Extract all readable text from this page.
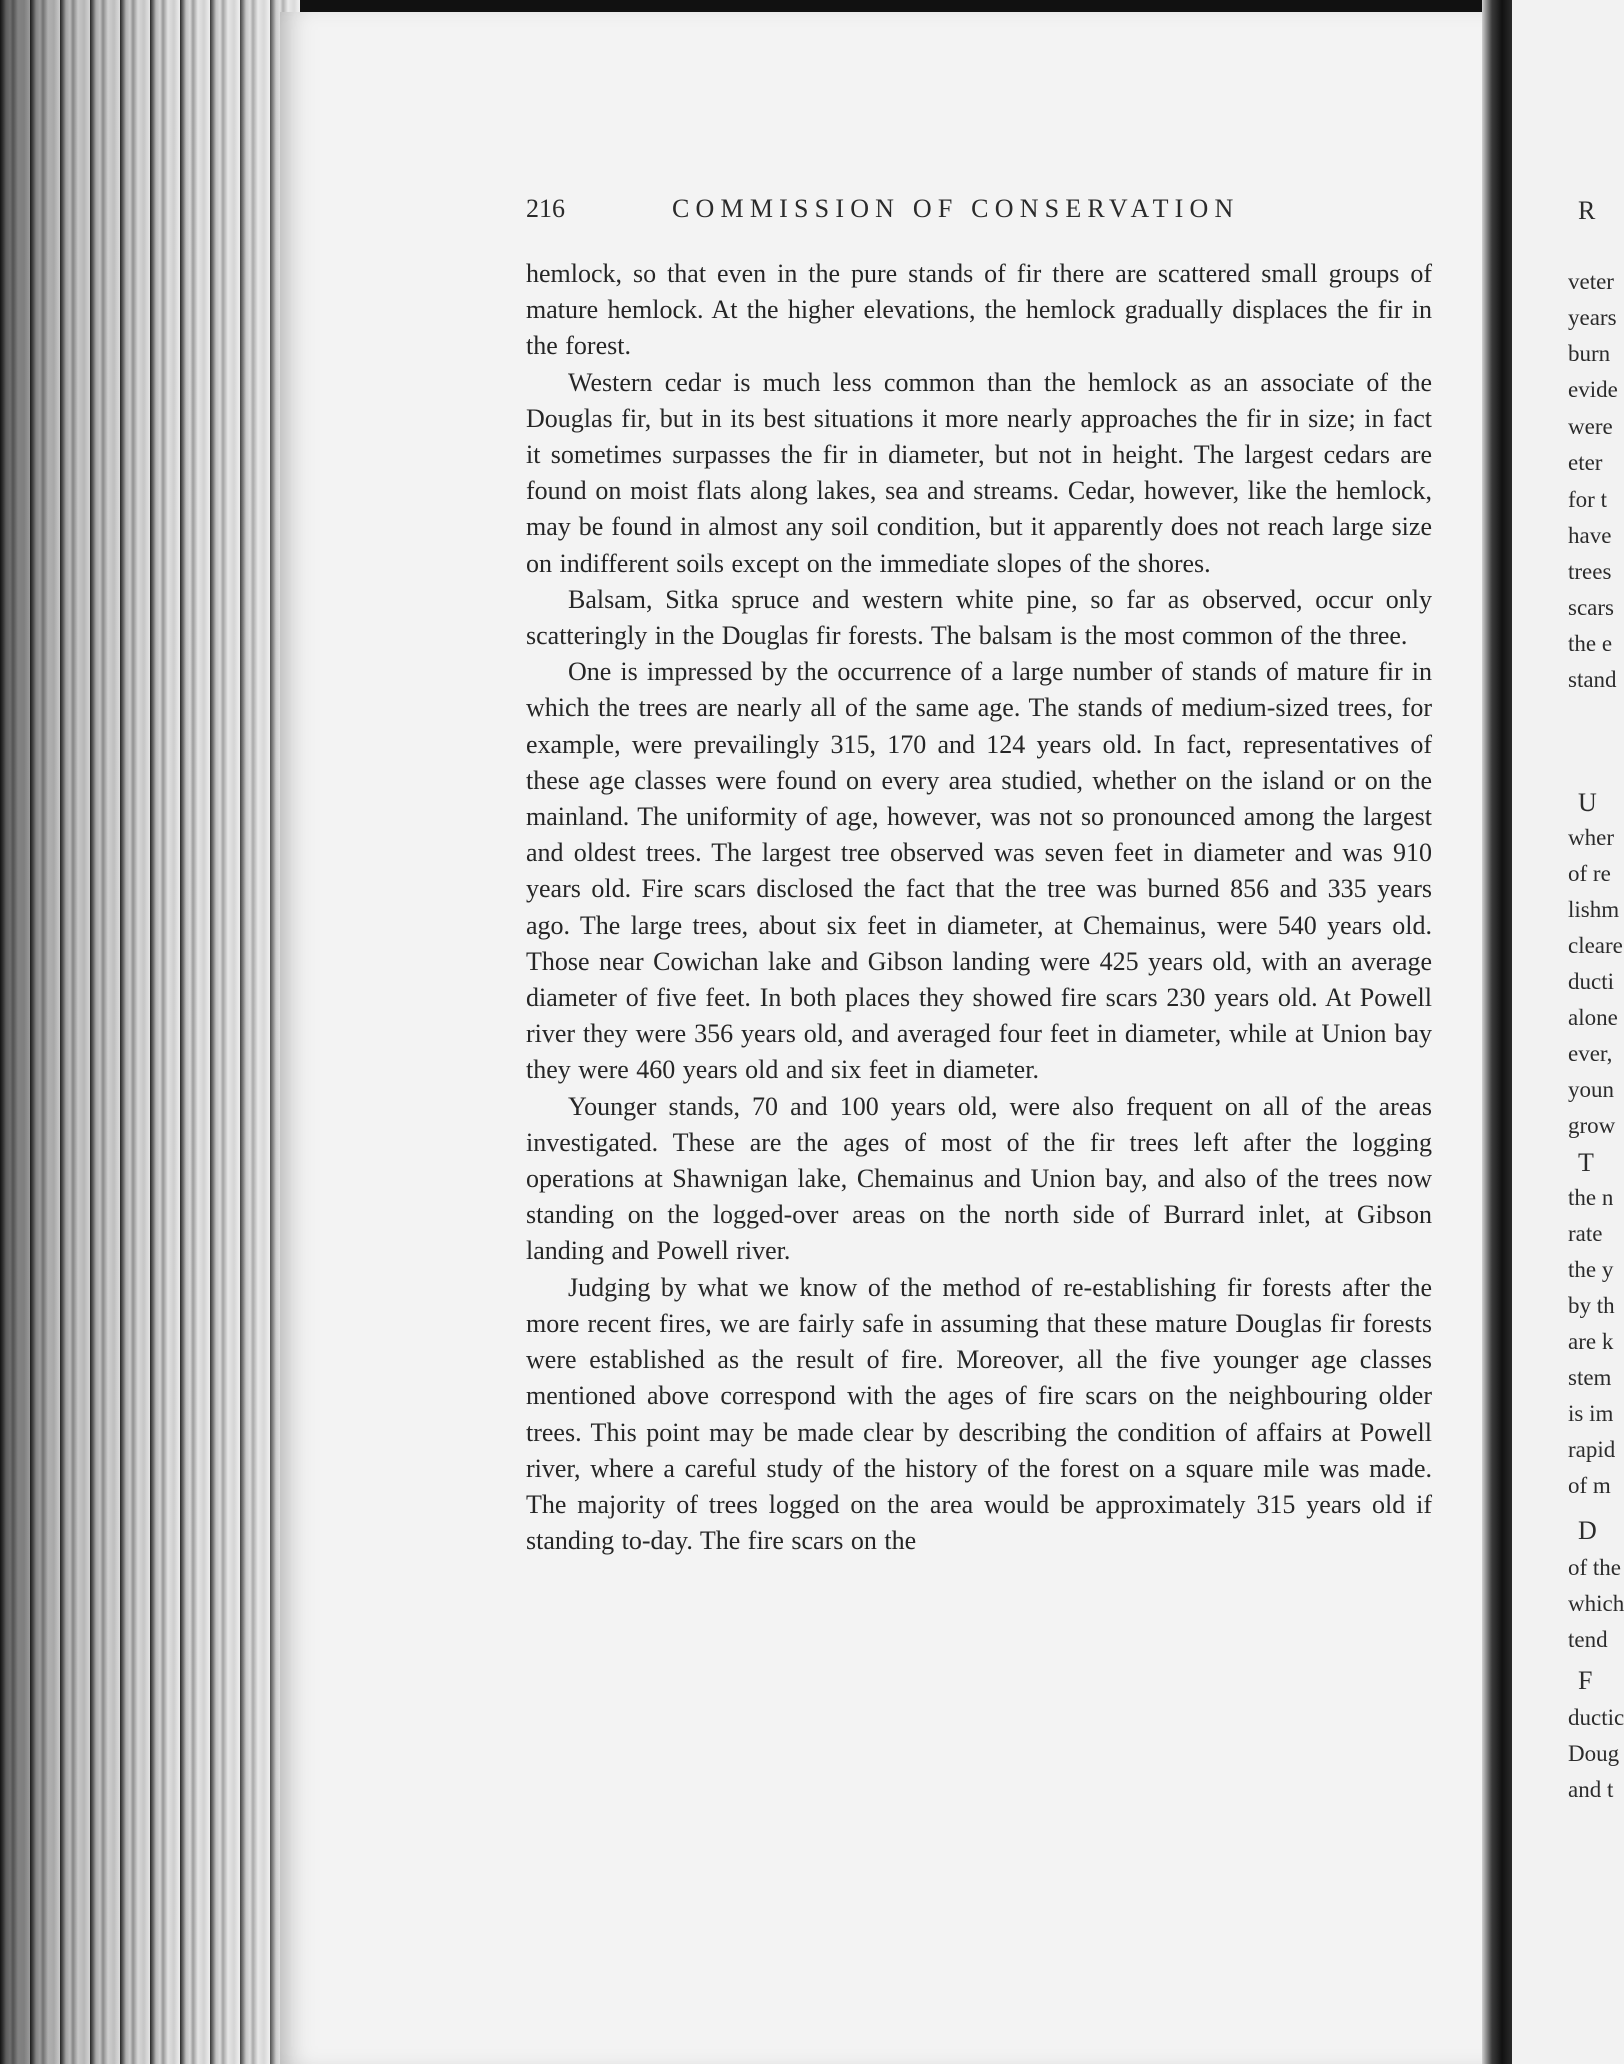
216	COMMISSION OF CONSERVATION

hemlock, so that even in the pure stands of fir there are scattered small groups of mature hemlock. At the higher elevations, the hemlock gradually displaces the fir in the forest.

Western cedar is much less common than the hemlock as an associate of the Douglas fir, but in its best situations it more nearly approaches the fir in size; in fact it sometimes surpasses the fir in diameter, but not in height. The largest cedars are found on moist flats along lakes, sea and streams. Cedar, however, like the hemlock, may be found in almost any soil condition, but it apparently does not reach large size on indifferent soils except on the immediate slopes of the shores.

Balsam, Sitka spruce and western white pine, so far as observed, occur only scatteringly in the Douglas fir forests. The balsam is the most common of the three.

One is impressed by the occurrence of a large number of stands of mature fir in which the trees are nearly all of the same age. The stands of medium-sized trees, for example, were prevailingly 315, 170 and 124 years old. In fact, representatives of these age classes were found on every area studied, whether on the island or on the mainland. The uniformity of age, however, was not so pronounced among the largest and oldest trees. The largest tree observed was seven feet in diameter and was 910 years old. Fire scars disclosed the fact that the tree was burned 856 and 335 years ago. The large trees, about six feet in diameter, at Chemainus, were 540 years old. Those near Cowichan lake and Gibson landing were 425 years old, with an average diameter of five feet. In both places they showed fire scars 230 years old. At Powell river they were 356 years old, and averaged four feet in diameter, while at Union bay they were 460 years old and six feet in diameter.

Younger stands, 70 and 100 years old, were also frequent on all of the areas investigated. These are the ages of most of the fir trees left after the logging operations at Shawnigan lake, Chemainus and Union bay, and also of the trees now standing on the logged-over areas on the north side of Burrard inlet, at Gibson landing and Powell river.

Judging by what we know of the method of re-establishing fir forests after the more recent fires, we are fairly safe in assuming that these mature Douglas fir forests were established as the result of fire. Moreover, all the five younger age classes mentioned above correspond with the ages of fire scars on the neighbouring older trees. This point may be made clear by describing the condition of affairs at Powell river, where a careful study of the history of the forest on a square mile was made. The majority of trees logged on the area would be approximately 315 years old if standing to-day. The fire scars on the

R
veter
years
burn
evide
were
eter
for t
have
trees
scars
the e
stand
U
wher
of re
lishm
cleare
ducti
alone
ever,
youn
grow
T
the n
rate
the y
by th
are k
stem
is im
rapid
of m
D
of the
which
tend
F
ductic
Doug
and t
